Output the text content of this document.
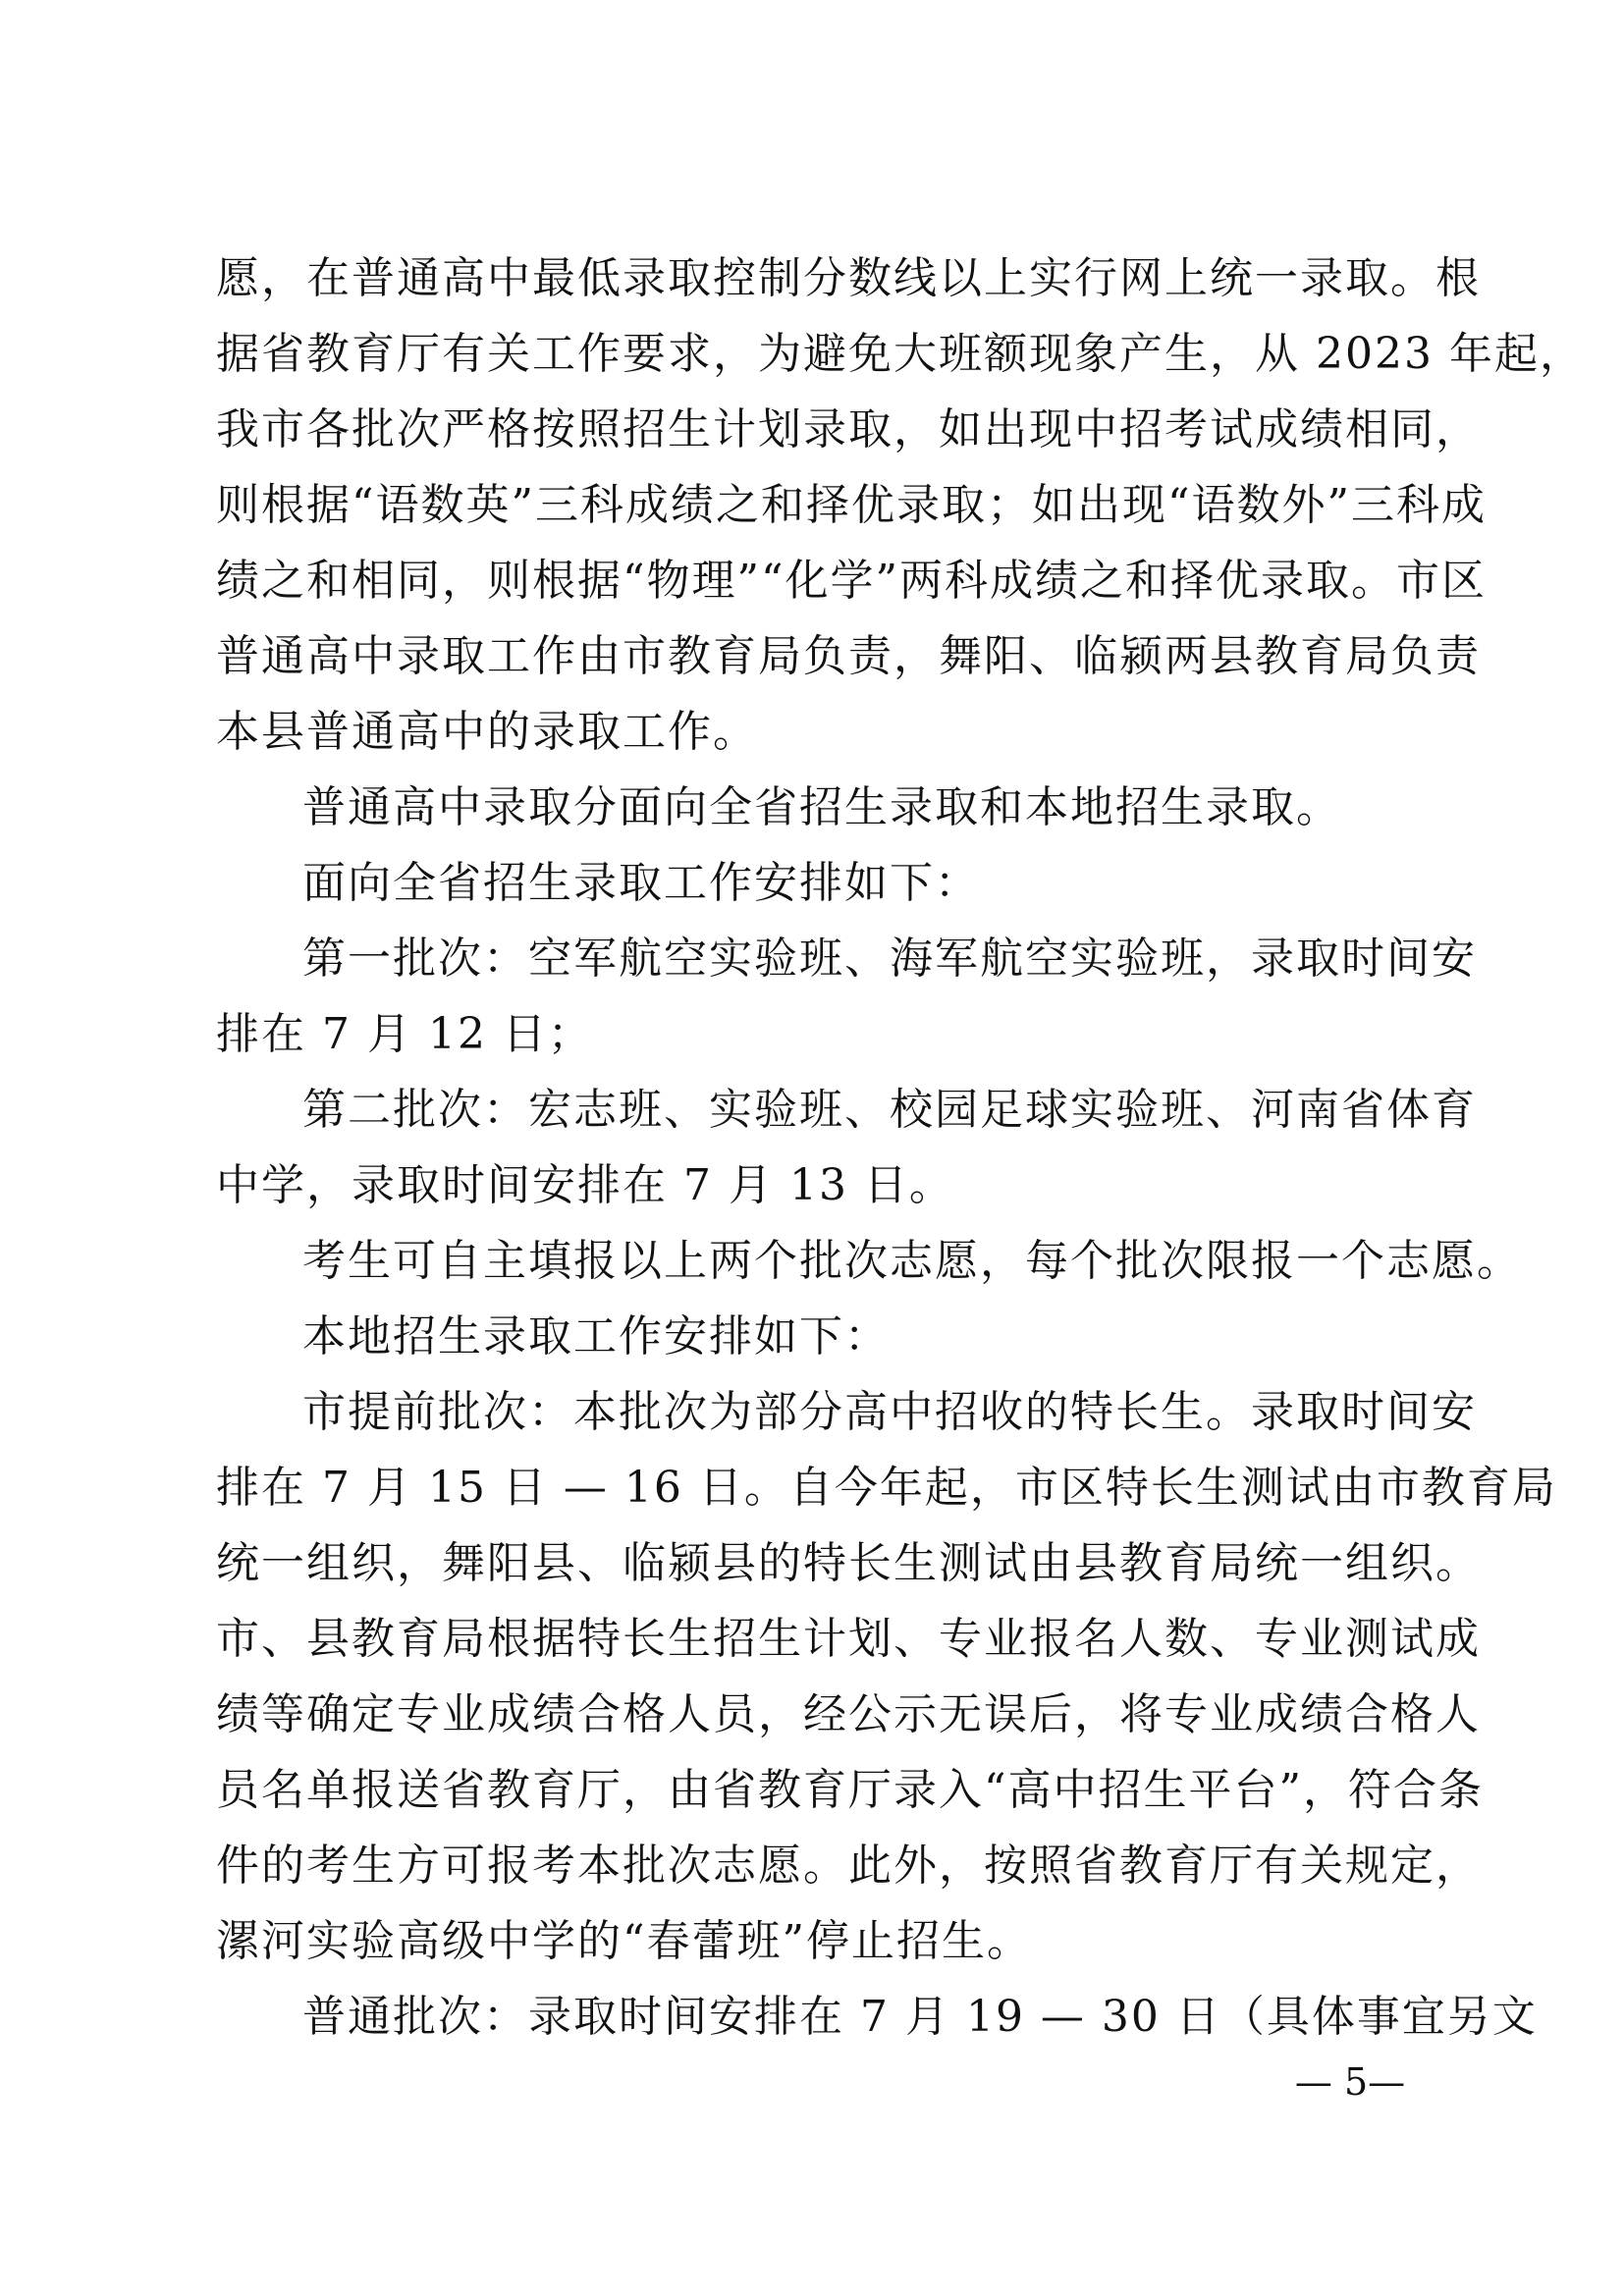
愿，在普通高中最低录取控制分数线以上实行网上统一录取。根
据省教育厅有关工作要求，为避免大班额现象产生，从 2023 年起，
我市各批次严格按照招生计划录取，如出现中招考试成绩相同，
则根据“语数英”三科成绩之和择优录取；如出现“语数外”三科成
绩之和相同，则根据“物理”“化学”两科成绩之和择优录取。市区
普通高中录取工作由市教育局负责，舞阳、临颍两县教育局负责
本县普通高中的录取工作。
普通高中录取分面向全省招生录取和本地招生录取。
面向全省招生录取工作安排如下：
第一批次：空军航空实验班、海军航空实验班，录取时间安
排在 7 月 12 日；
第二批次：宏志班、实验班、校园足球实验班、河南省体育
中学，录取时间安排在 7 月 13 日。
考生可自主填报以上两个批次志愿，每个批次限报一个志愿。
本地招生录取工作安排如下：
市提前批次：本批次为部分高中招收的特长生。录取时间安
排在 7 月 15 日 — 16 日。自今年起，市区特长生测试由市教育局
统一组织，舞阳县、临颍县的特长生测试由县教育局统一组织。
市、县教育局根据特长生招生计划、专业报名人数、专业测试成
绩等确定专业成绩合格人员，经公示无误后，将专业成绩合格人
员名单报送省教育厅，由省教育厅录入“高中招生平台”，符合条
件的考生方可报考本批次志愿。此外，按照省教育厅有关规定，
漯河实验高级中学的“春蕾班”停止招生。
普通批次：录取时间安排在 7 月 19 — 30 日（具体事宜另文
— 5—
